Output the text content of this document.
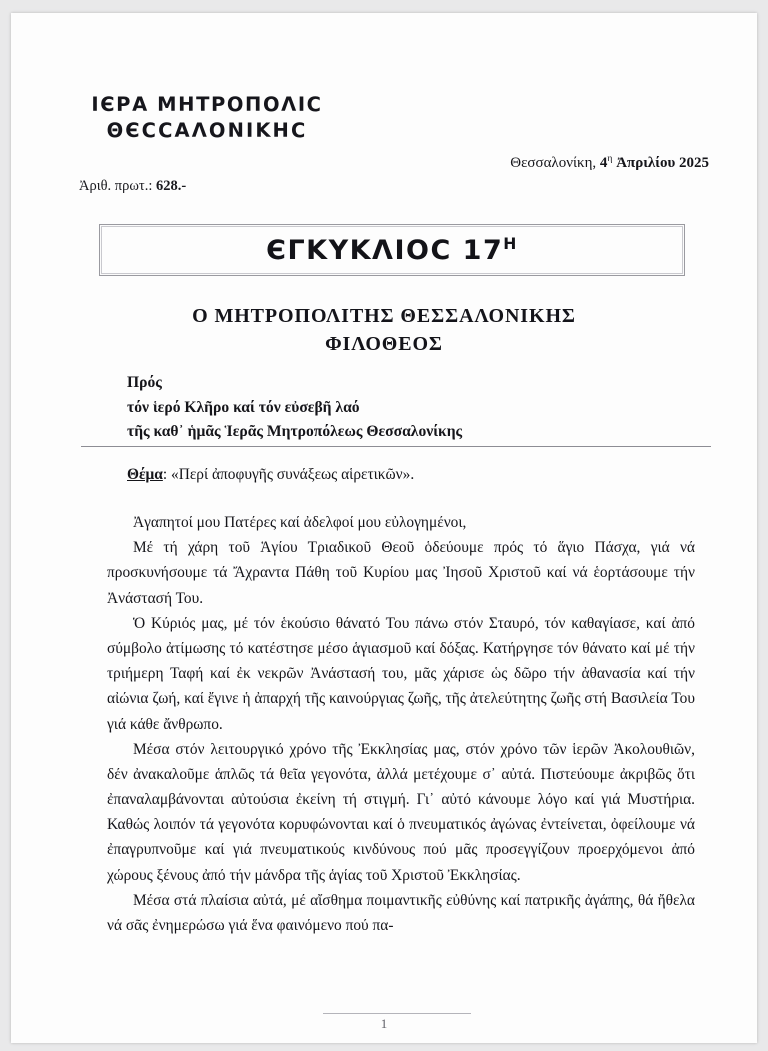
ΙЄΡΑ ΜΗΤΡΟΠΟΛΙϹ
ΘЄϹϹΑΛΟΝΙΚΗϹ
Θεσσαλονίκη, $4^\eta$ Ἀπριλίου 2025
Ἀριθ. πρωτ.: 628.-
ЄΓΚΥΚΛΙΟϹ $17^H$
Ο ΜΗΤΡΟΠΟΛΙΤΗΣ ΘΕΣΣΑΛΟΝΙΚΗΣ
ΦΙΛΟΘΕΟΣ
Πρός
τόν ἱερό Κλῆρο καί τόν εὐσεβῆ λαό
τῆς καθ᾽ ἡμᾶς Ἱερᾶς Μητροπόλεως Θεσσαλονίκης
Θέμα: «Περί ἀποφυγῆς συνάξεως αἱρετικῶν».

Ἀγαπητοί μου Πατέρες καί ἀδελφοί μου εὐλογημένοι,

Μέ τή χάρη τοῦ Ἁγίου Τριαδικοῦ Θεοῦ ὁδεύουμε πρός τό ἅγιο Πάσχα, γιά νά προσκυνήσουμε τά Ἄχραντα Πάθη τοῦ Κυρίου μας Ἰησοῦ Χριστοῦ καί νά ἑορτάσουμε τήν Ἀνάστασή Του.

Ὁ Κύριός μας, μέ τόν ἑκούσιο θάνατό Του πάνω στόν Σταυρό, τόν καθαγίασε, καί ἀπό σύμβολο ἀτίμωσης τό κατέστησε μέσο ἁγιασμοῦ καί δόξας. Κατήργησε τόν θάνατο καί μέ τήν τριήμερη Ταφή καί ἐκ νεκρῶν Ἀνάστασή του, μᾶς χάρισε ὡς δῶρο τήν ἀθανασία καί τήν αἰώνια ζωή, καί ἔγινε ἡ ἀπαρχή τῆς καινούργιας ζωῆς, τῆς ἀτελεύτητης ζωῆς στή Βασιλεία Του γιά κάθε ἄνθρωπο.

Μέσα στόν λειτουργικό χρόνο τῆς Ἐκκλησίας μας, στόν χρόνο τῶν ἱερῶν Ἀκολουθιῶν, δέν ἀνακαλοῦμε ἁπλῶς τά θεῖα γεγονότα, ἀλλά μετέχουμε σ᾽ αὐτά. Πιστεύουμε ἀκριβῶς ὅτι ἐπαναλαμβάνονται αὐτούσια ἐκείνη τή στιγμή. Γι᾽ αὐτό κάνουμε λόγο καί γιά Μυστήρια. Καθώς λοιπόν τά γεγονότα κορυφώνονται καί ὁ πνευματικός ἀγώνας ἐντείνεται, ὀφείλουμε νά ἐπαγρυπνοῦμε καί γιά πνευματικούς κινδύνους πού μᾶς προσεγγίζουν προερχόμενοι ἀπό χώρους ξένους ἀπό τήν μάνδρα τῆς ἁγίας τοῦ Χριστοῦ Ἐκκλησίας.

Μέσα στά πλαίσια αὐτά, μέ αἴσθημα ποιμαντικῆς εὐθύνης καί πατρικῆς ἀγάπης, θά ἤθελα νά σᾶς ἐνημερώσω γιά ἕνα φαινόμενο πού πα-

1
